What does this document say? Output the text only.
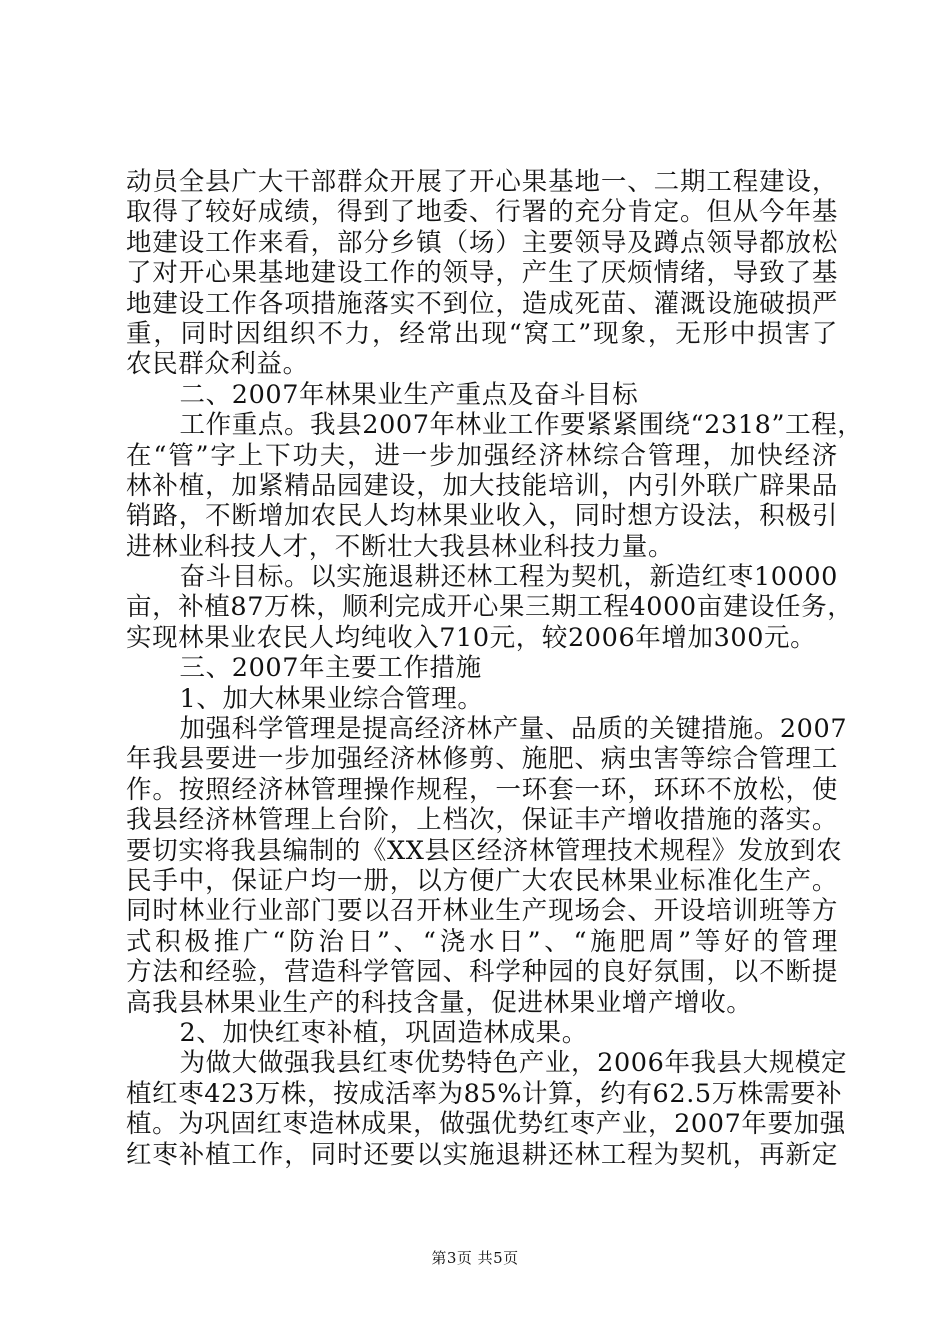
动员全县广大干部群众开展了开心果基地一、二期工程建设，
取得了较好成绩，得到了地委、行署的充分肯定。但从今年基
地建设工作来看，部分乡镇（场）主要领导及蹲点领导都放松
了对开心果基地建设工作的领导，产生了厌烦情绪，导致了基
地建设工作各项措施落实不到位，造成死苗、灌溉设施破损严
重，同时因组织不力，经常出现“窝工”现象，无形中损害了
农民群众利益。
二、2007年林果业生产重点及奋斗目标
工作重点。我县2007年林业工作要紧紧围绕“2318”工程，
在“管”字上下功夫，进一步加强经济林综合管理，加快经济
林补植，加紧精品园建设，加大技能培训，内引外联广辟果品
销路，不断增加农民人均林果业收入，同时想方设法，积极引
进林业科技人才，不断壮大我县林业科技力量。
奋斗目标。以实施退耕还林工程为契机，新造红枣10000
亩，补植87万株，顺利完成开心果三期工程4000亩建设任务，
实现林果业农民人均纯收入710元，较2006年增加300元。
三、2007年主要工作措施
1、加大林果业综合管理。
加强科学管理是提高经济林产量、品质的关键措施。2007
年我县要进一步加强经济林修剪、施肥、病虫害等综合管理工
作。按照经济林管理操作规程，一环套一环，环环不放松，使
我县经济林管理上台阶，上档次，保证丰产增收措施的落实。
要切实将我县编制的《XX县区经济林管理技术规程》发放到农
民手中，保证户均一册，以方便广大农民林果业标准化生产。
同时林业行业部门要以召开林业生产现场会、开设培训班等方
式积极推广“防治日”、“浇水日”、“施肥周”等好的管理
方法和经验，营造科学管园、科学种园的良好氛围，以不断提
高我县林果业生产的科技含量，促进林果业增产增收。
2、加快红枣补植，巩固造林成果。
为做大做强我县红枣优势特色产业，2006年我县大规模定
植红枣423万株，按成活率为85%计算，约有62.5万株需要补
植。为巩固红枣造林成果，做强优势红枣产业，2007年要加强
红枣补植工作，同时还要以实施退耕还林工程为契机，再新定
第3页 共5页
